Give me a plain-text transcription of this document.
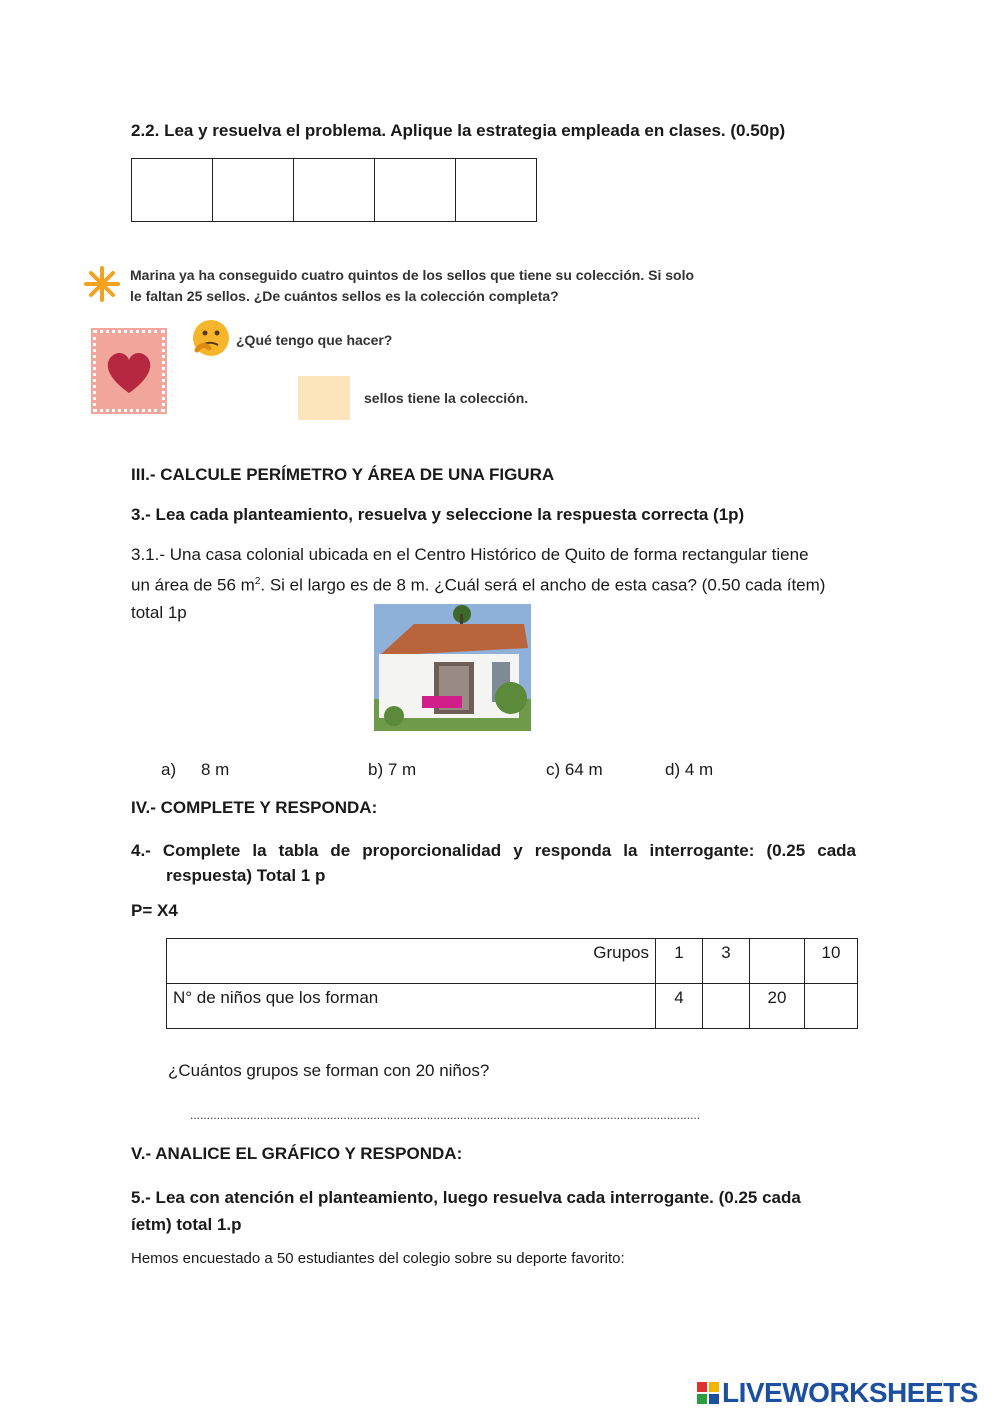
2.2. Lea y resuelva el problema. Aplique la estrategia empleada en clases. (0.50p)
Marina ya ha conseguido cuatro quintos de los sellos que tiene su colección. Si solo
le faltan 25 sellos. ¿De cuántos sellos es la colección completa?
¿Qué tengo que hacer?
sellos tiene la colección.
III.- CALCULE PERÍMETRO Y ÁREA DE UNA FIGURA
3.- Lea cada planteamiento, resuelva y seleccione la respuesta correcta (1p)
3.1.- Una casa colonial ubicada en el Centro Histórico de Quito de forma rectangular tiene un área de 56 $m^2$. Si el largo es de 8 m. ¿Cuál será el ancho de esta casa? (0.50 cada ítem) total 1p
a) 8 m	b) 7 m	c) 64 m	d) 4 m
IV.- COMPLETE Y RESPONDA:
4.- Complete la tabla de proporcionalidad y responda la interrogante: (0.25 cada
respuesta) Total 1 p
P= X4
Grupos	1	3		10
N° de niños que los forman	4		20	
¿Cuántos grupos se forman con 20 niños?
.........................................................................................................................................................
V.- ANALICE EL GRÁFICO Y RESPONDA:
5.- Lea con atención el planteamiento, luego resuelva cada interrogante. (0.25 cada
íetm) total 1.p
Hemos encuestado a 50 estudiantes del colegio sobre su deporte favorito:
LIVEWORKSHEETS
